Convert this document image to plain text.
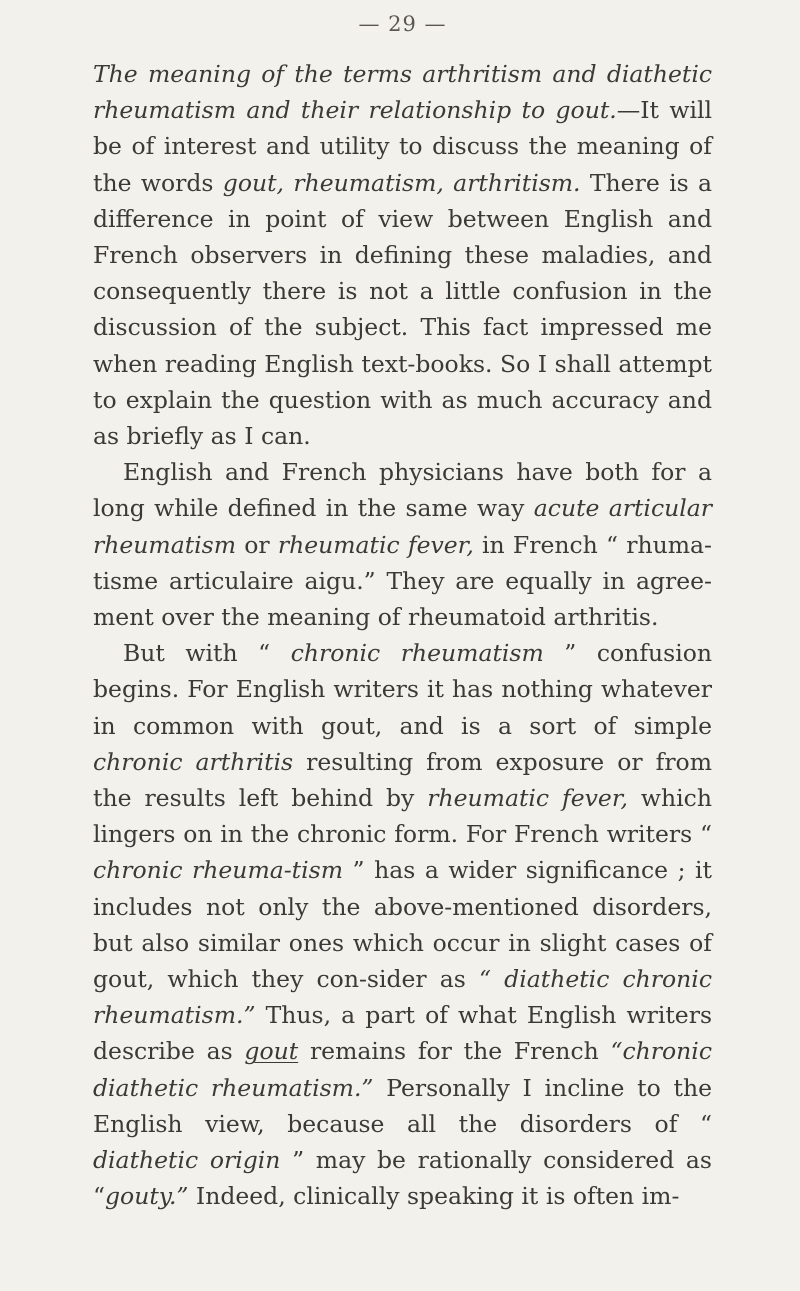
— 29 —

The meaning of the terms arthritism and diathetic rheumatism and their relationship to gout.—It will be of interest and utility to discuss the meaning of the words gout, rheumatism, arthritism. There is a difference in point of view between English and French observers in defining these maladies, and consequently there is not a little confusion in the discussion of the subject. This fact impressed me when reading English text-books. So I shall attempt to explain the question with as much accuracy and as briefly as I can.

English and French physicians have both for a long while defined in the same way acute articular rheumatism or rheumatic fever, in French “ rhuma-tisme articulaire aigu.” They are equally in agree-ment over the meaning of rheumatoid arthritis.

But with “ chronic rheumatism ” confusion begins. For English writers it has nothing whatever in common with gout, and is a sort of simple chronic arthritis resulting from exposure or from the results left behind by rheumatic fever, which lingers on in the chronic form. For French writers “ chronic rheuma-tism ” has a wider significance ; it includes not only the above-mentioned disorders, but also similar ones which occur in slight cases of gout, which they con-sider as “ diathetic chronic rheumatism.” Thus, a part of what English writers describe as gout remains for the French “chronic diathetic rheumatism.” Personally I incline to the English view, because all the disorders of “ diathetic origin ” may be rationally considered as “gouty.” Indeed, clinically speaking it is often im-
